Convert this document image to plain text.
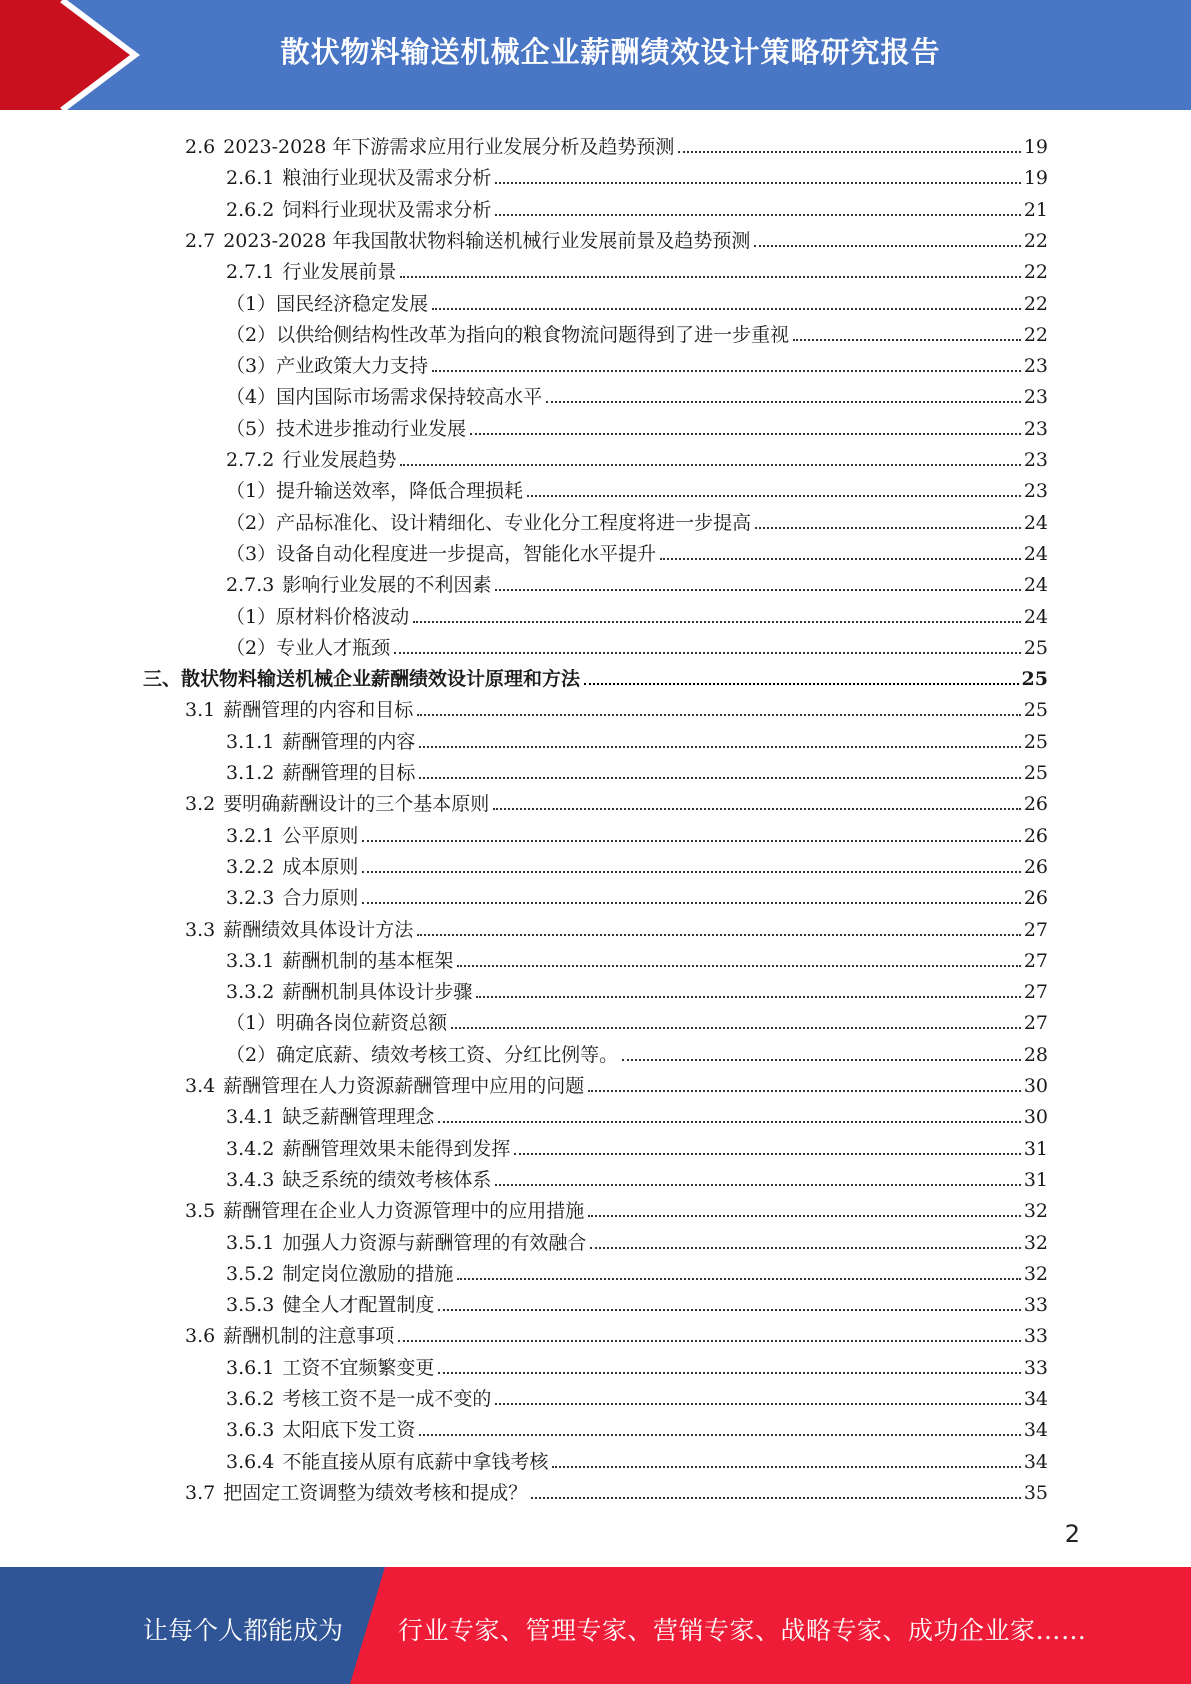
散状物料输送机械企业薪酬绩效设计策略研究报告
2.6 2023-2028 年下游需求应用行业发展分析及趋势预测	19
2.6.1 粮油行业现状及需求分析	19
2.6.2 饲料行业现状及需求分析	21
2.7 2023-2028 年我国散状物料输送机械行业发展前景及趋势预测	22
2.7.1 行业发展前景	22
（1） 国民经济稳定发展	22
（2） 以供给侧结构性改革为指向的粮食物流问题得到了进一步重视	22
（3） 产业政策大力支持	23
（4） 国内国际市场需求保持较高水平	23
（5） 技术进步推动行业发展	23
2.7.2 行业发展趋势	23
（1） 提升输送效率，降低合理损耗	23
（2） 产品标准化、设计精细化、专业化分工程度将进一步提高	24
（3） 设备自动化程度进一步提高，智能化水平提升	24
2.7.3 影响行业发展的不利因素	24
（1） 原材料价格波动	24
（2） 专业人才瓶颈	25
三、 散状物料输送机械企业薪酬绩效设计原理和方法	25
3.1 薪酬管理的内容和目标	25
3.1.1 薪酬管理的内容	25
3.1.2 薪酬管理的目标	25
3.2 要明确薪酬设计的三个基本原则	26
3.2.1 公平原则	26
3.2.2 成本原则	26
3.2.3 合力原则	26
3.3 薪酬绩效具体设计方法	27
3.3.1 薪酬机制的基本框架	27
3.3.2 薪酬机制具体设计步骤	27
（1） 明确各岗位薪资总额	27
（2） 确定底薪、绩效考核工资、分红比例等。	28
3.4 薪酬管理在人力资源薪酬管理中应用的问题	30
3.4.1 缺乏薪酬管理理念	30
3.4.2 薪酬管理效果未能得到发挥	31
3.4.3 缺乏系统的绩效考核体系	31
3.5 薪酬管理在企业人力资源管理中的应用措施	32
3.5.1 加强人力资源与薪酬管理的有效融合	32
3.5.2 制定岗位激励的措施	32
3.5.3 健全人才配置制度	33
3.6 薪酬机制的注意事项	33
3.6.1 工资不宜频繁变更	33
3.6.2 考核工资不是一成不变的	34
3.6.3 太阳底下发工资	34
3.6.4 不能直接从原有底薪中拿钱考核	34
3.7 把固定工资调整为绩效考核和提成？	35
2
让每个人都能成为 行业专家、管理专家、营销专家、战略专家、成功企业家……
